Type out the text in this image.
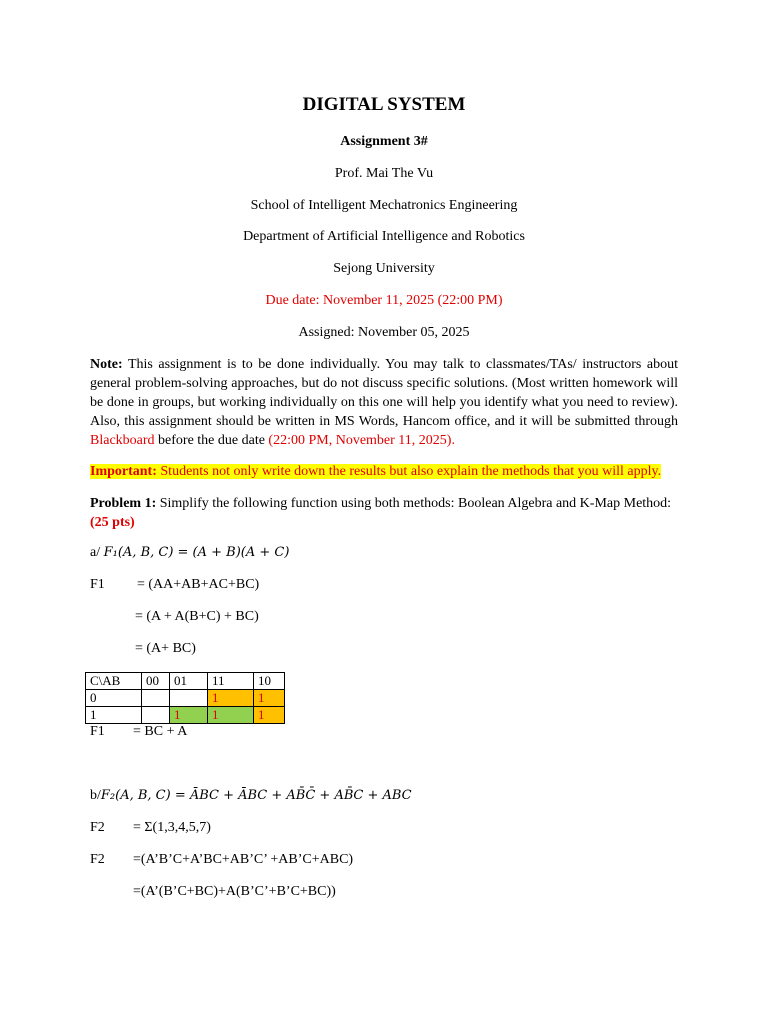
DIGITAL SYSTEM
Assignment 3#
Prof. Mai The Vu
School of Intelligent Mechatronics Engineering
Department of Artificial Intelligence and Robotics
Sejong University
Due date: November 11, 2025 (22:00 PM)
Assigned: November 05, 2025
Note: This assignment is to be done individually. You may talk to classmates/TAs/ instructors about general problem-solving approaches, but do not discuss specific solutions. (Most written homework will be done in groups, but working individually on this one will help you identify what you need to review). Also, this assignment should be written in MS Words, Hancom office, and it will be submitted through Blackboard before the due date (22:00 PM, November 11, 2025).
Important: Students not only write down the results but also explain the methods that you will apply.
Problem 1: Simplify the following function using both methods: Boolean Algebra and K-Map Method:
(25 pts)
a/ F₁(A, B, C) = (A + B)(A + C)
F1 = (AA+AB+AC+BC)
= (A + A(B+C) + BC)
= (A+ BC)
C\AB	00	01	11	10
0			1	1
1		1	1	1
F1 = BC + A
b/F₂(A, B, C) = ĀBC + ĀBC + AB̄C̄ + AB̄C + ABC
F2 = Σ(1,3,4,5,7)
F2 =(A’B’C+A’BC+AB’C’ +AB’C+ABC)
=(A’(B’C+BC)+A(B’C’+B’C+BC))
